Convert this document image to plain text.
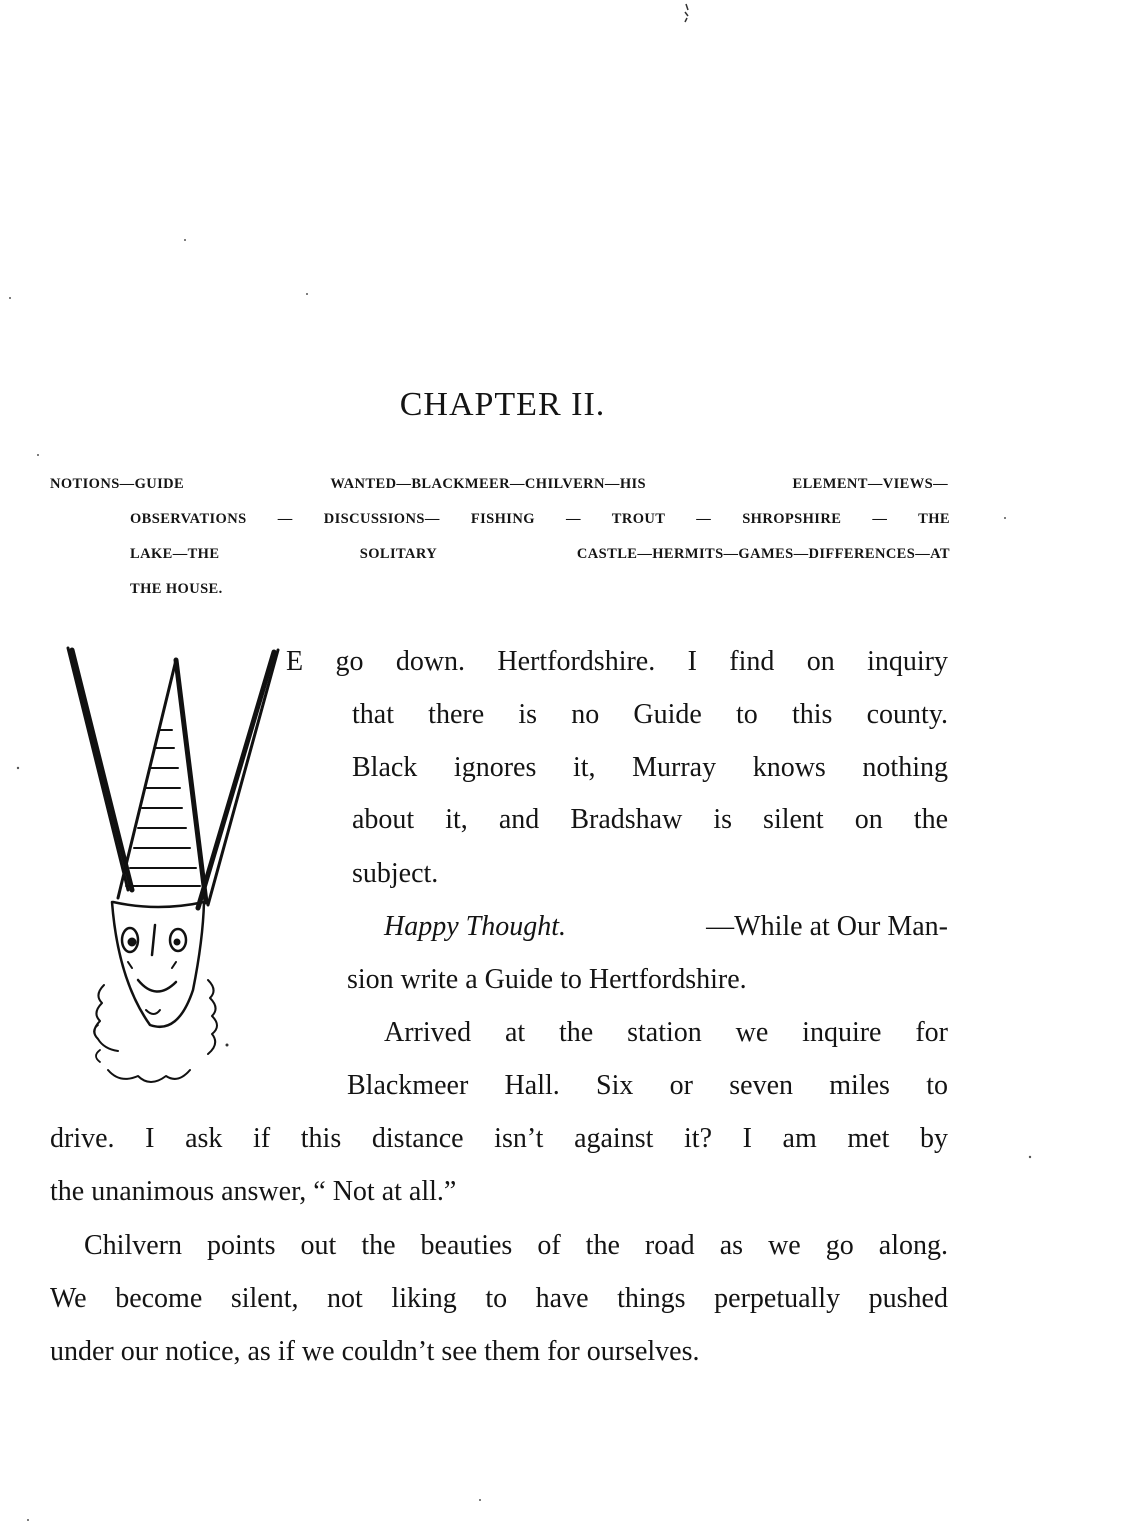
CHAPTER II.
NOTIONS—GUIDE WANTED—BLACKMEER—CHILVERN—HIS ELEMENT—VIEWS—
OBSERVATIONS — DISCUSSIONS— FISHING — TROUT — SHROPSHIRE — THE
LAKE—THE SOLITARY CASTLE—HERMITS—GAMES—DIFFERENCES—AT
THE HOUSE.
E go down. Hertfordshire. I find on inquiry
that there is no Guide to this county.
Black ignores it, Murray knows nothing
about it, and Bradshaw is silent on the
subject.
Happy Thought.	—While at Our Man-
sion write a Guide to Hertfordshire.
Arrived at the station we inquire for
Blackmeer Hall. Six or seven miles to
drive. I ask if this distance isn’t against it? I am met by
the unanimous answer, “ Not at all.”
Chilvern points out the beauties of the road as we go along.
We become silent, not liking to have things perpetually pushed
under our notice, as if we couldn’t see them for ourselves.
